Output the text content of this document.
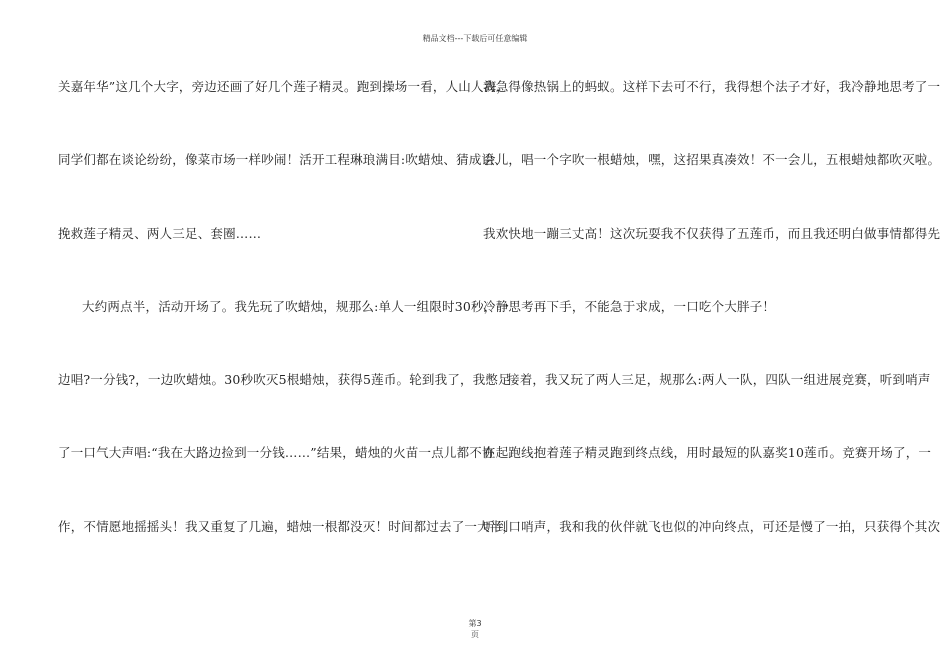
精品文档---下载后可任意编辑
关嘉年华”这几个大字，旁边还画了好几个莲子精灵。跑到操场一看，人山人海，
同学们都在谈论纷纷，像菜市场一样吵闹！活开工程琳琅满目:吹蜡烛、猜成语、
挽救莲子精灵、两人三足、套圈……
大约两点半，活动开场了。我先玩了吹蜡烛，规那么:单人一组限时30秒，一
边唱?一分钱?，一边吹蜡烛。30秒吹灭5根蜡烛，获得5莲币。轮到我了，我憋足
了一口气大声唱:“我在大路边捡到一分钱……”结果，蜡烛的火苗一点儿都不协
作，不情愿地摇摇头！我又重复了几遍，蜡烛一根都没灭！时间都过去了一大半，
我急得像热锅上的蚂蚁。这样下去可不行，我得想个法子才好，我冷静地思考了一
会儿，唱一个字吹一根蜡烛，嘿，这招果真凑效！不一会儿，五根蜡烛都吹灭啦。
我欢快地一蹦三丈高！这次玩耍我不仅获得了五莲币，而且我还明白做事情都得先
冷静思考再下手，不能急于求成，一口吃个大胖子！
接着，我又玩了两人三足，规那么:两人一队，四队一组进展竞赛，听到哨声
在起跑线抱着莲子精灵跑到终点线，用时最短的队嘉奖10莲币。竞赛开场了，一
听到口哨声，我和我的伙伴就飞也似的冲向终点，可还是慢了一拍，只获得个其次
第3
页
